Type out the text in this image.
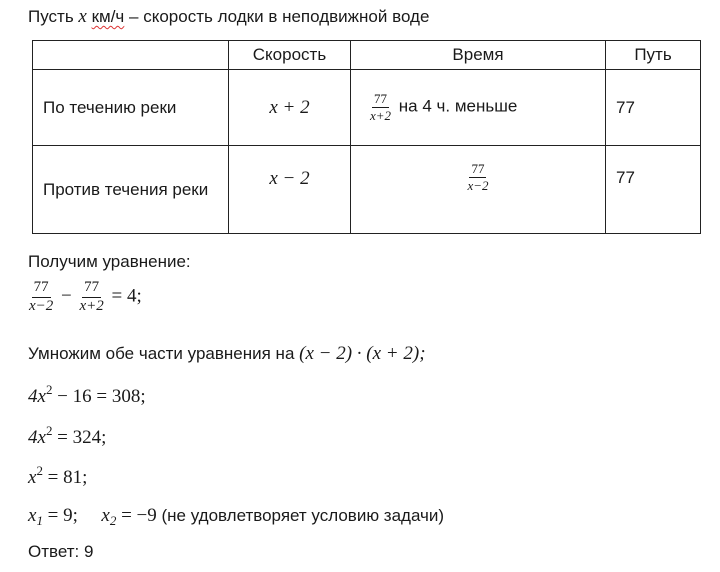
Пусть x км/ч – скорость лодки в неподвижной воде
	Скорость	Время	Путь
По течению реки	x + 2	$\frac{77}{x+2}$ на 4 ч. меньше	77
Против течения реки	x − 2	$\frac{77}{x-2}$	77
Получим уравнение:
$\frac{77}{x-2} - \frac{77}{x+2} = 4$;
Умножим обе части уравнения на (x − 2) · (x + 2);
$4x^2 - 16 = 308$;
$4x^2 = 324$;
$x^2 = 81$;
$x_1 = 9$; $x_2 = -9$ (не удовлетворяет условию задачи)
Ответ: 9
